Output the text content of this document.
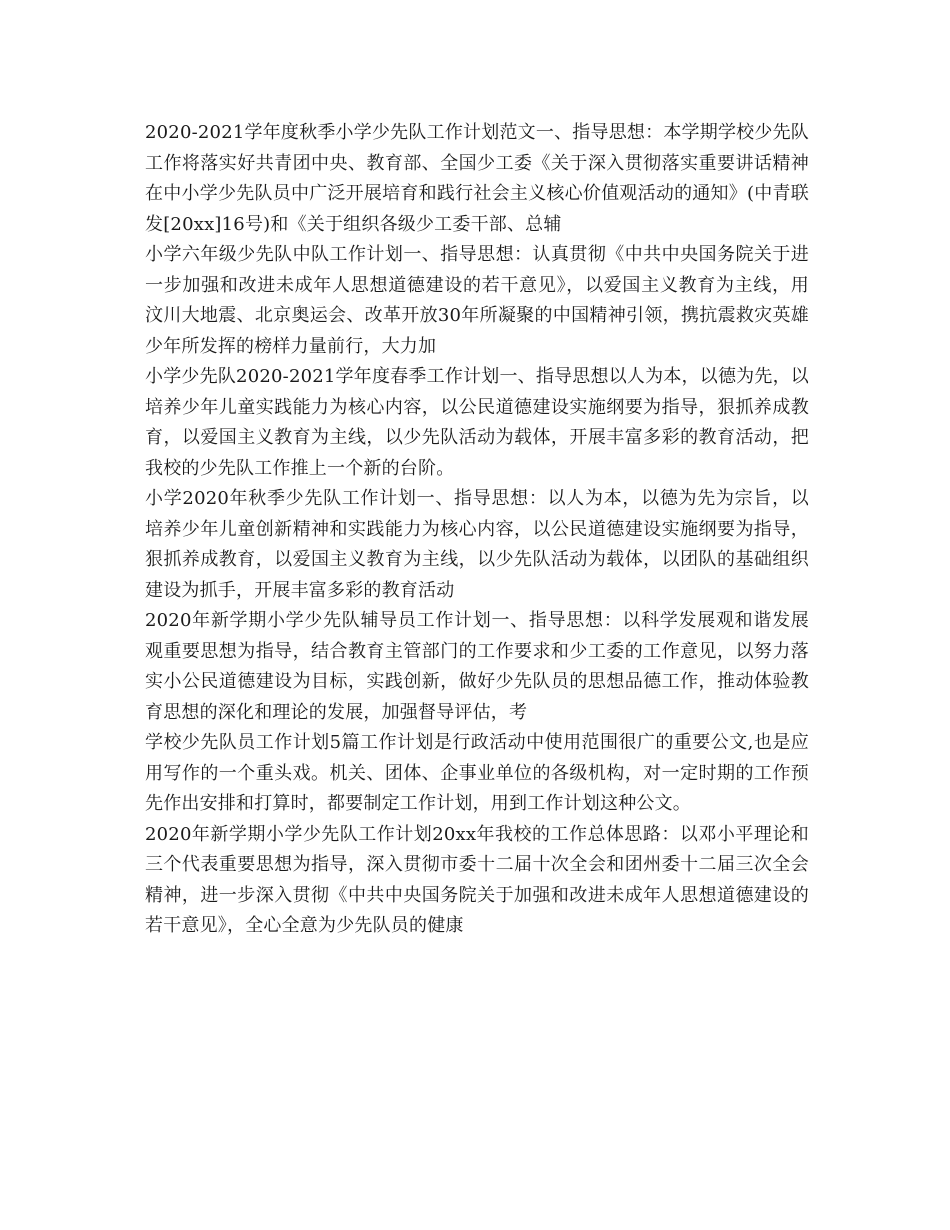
2020-2021学年度秋季小学少先队工作计划范文一、指导思想：本学期学校少先队工作将落实好共青团中央、教育部、全国少工委《关于深入贯彻落实重要讲话精神在中小学少先队员中广泛开展培育和践行社会主义核心价值观活动的通知》(中青联发[20xx]16号)和《关于组织各级少工委干部、总辅

小学六年级少先队中队工作计划一、指导思想：认真贯彻《中共中央国务院关于进一步加强和改进未成年人思想道德建设的若干意见》，以爱国主义教育为主线，用汶川大地震、北京奥运会、改革开放30年所凝聚的中国精神引领，携抗震救灾英雄少年所发挥的榜样力量前行，大力加

小学少先队2020-2021学年度春季工作计划一、指导思想以人为本，以德为先，以培养少年儿童实践能力为核心内容，以公民道德建设实施纲要为指导，狠抓养成教育，以爱国主义教育为主线，以少先队活动为载体，开展丰富多彩的教育活动，把我校的少先队工作推上一个新的台阶。

小学2020年秋季少先队工作计划一、指导思想：以人为本，以德为先为宗旨，以培养少年儿童创新精神和实践能力为核心内容，以公民道德建设实施纲要为指导，狠抓养成教育，以爱国主义教育为主线，以少先队活动为载体，以团队的基础组织建设为抓手，开展丰富多彩的教育活动

2020年新学期小学少先队辅导员工作计划一、指导思想：以科学发展观和谐发展观重要思想为指导，结合教育主管部门的工作要求和少工委的工作意见，以努力落实小公民道德建设为目标，实践创新，做好少先队员的思想品德工作，推动体验教育思想的深化和理论的发展，加强督导评估，考

学校少先队员工作计划5篇工作计划是行政活动中使用范围很广的重要公文,也是应用写作的一个重头戏。机关、团体、企事业单位的各级机构，对一定时期的工作预先作出安排和打算时，都要制定工作计划，用到工作计划这种公文。

2020年新学期小学少先队工作计划20xx年我校的工作总体思路：以邓小平理论和三个代表重要思想为指导，深入贯彻市委十二届十次全会和团州委十二届三次全会精神，进一步深入贯彻《中共中央国务院关于加强和改进未成年人思想道德建设的若干意见》，全心全意为少先队员的健康
